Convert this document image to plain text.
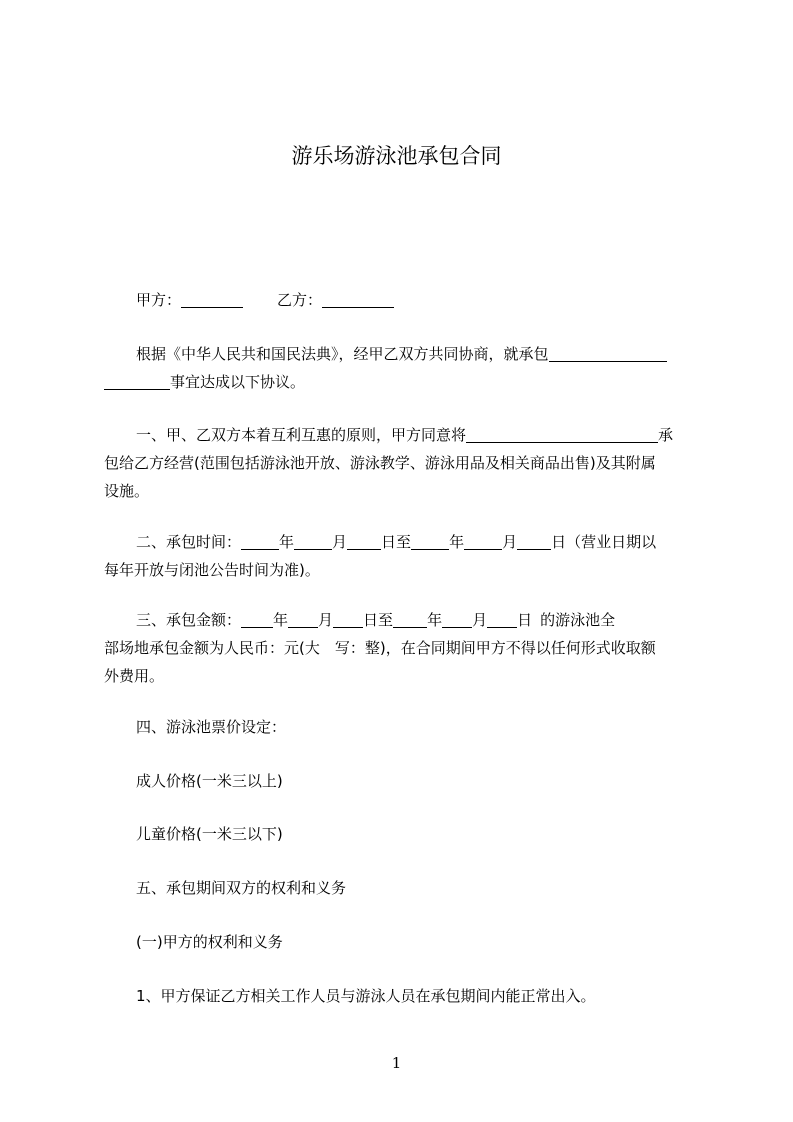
游乐场游泳池承包合同
甲方：	乙方：
根据《中华人民共和国民法典》，经甲乙双方共同协商，就承包
事宜达成以下协议。
一、甲、乙双方本着互利互惠的原则，甲方同意将	承
包给乙方经营(范围包括游泳池开放、游泳教学、游泳用品及相关商品出售)及其附属
设施。
二、承包时间：	年	月 日至	年	月 日（营业日期以
每年开放与闭池公告时间为准)。
三、承包金额： 年 月 日至 年 月 日 的游泳池全
部场地承包金额为人民币：元(大　写：整)，在合同期间甲方不得以任何形式收取额
外费用。
四、游泳池票价设定：
成人价格(一米三以上)
儿童价格(一米三以下)
五、承包期间双方的权利和义务
(一)甲方的权利和义务
1、甲方保证乙方相关工作人员与游泳人员在承包期间内能正常出入。
1
